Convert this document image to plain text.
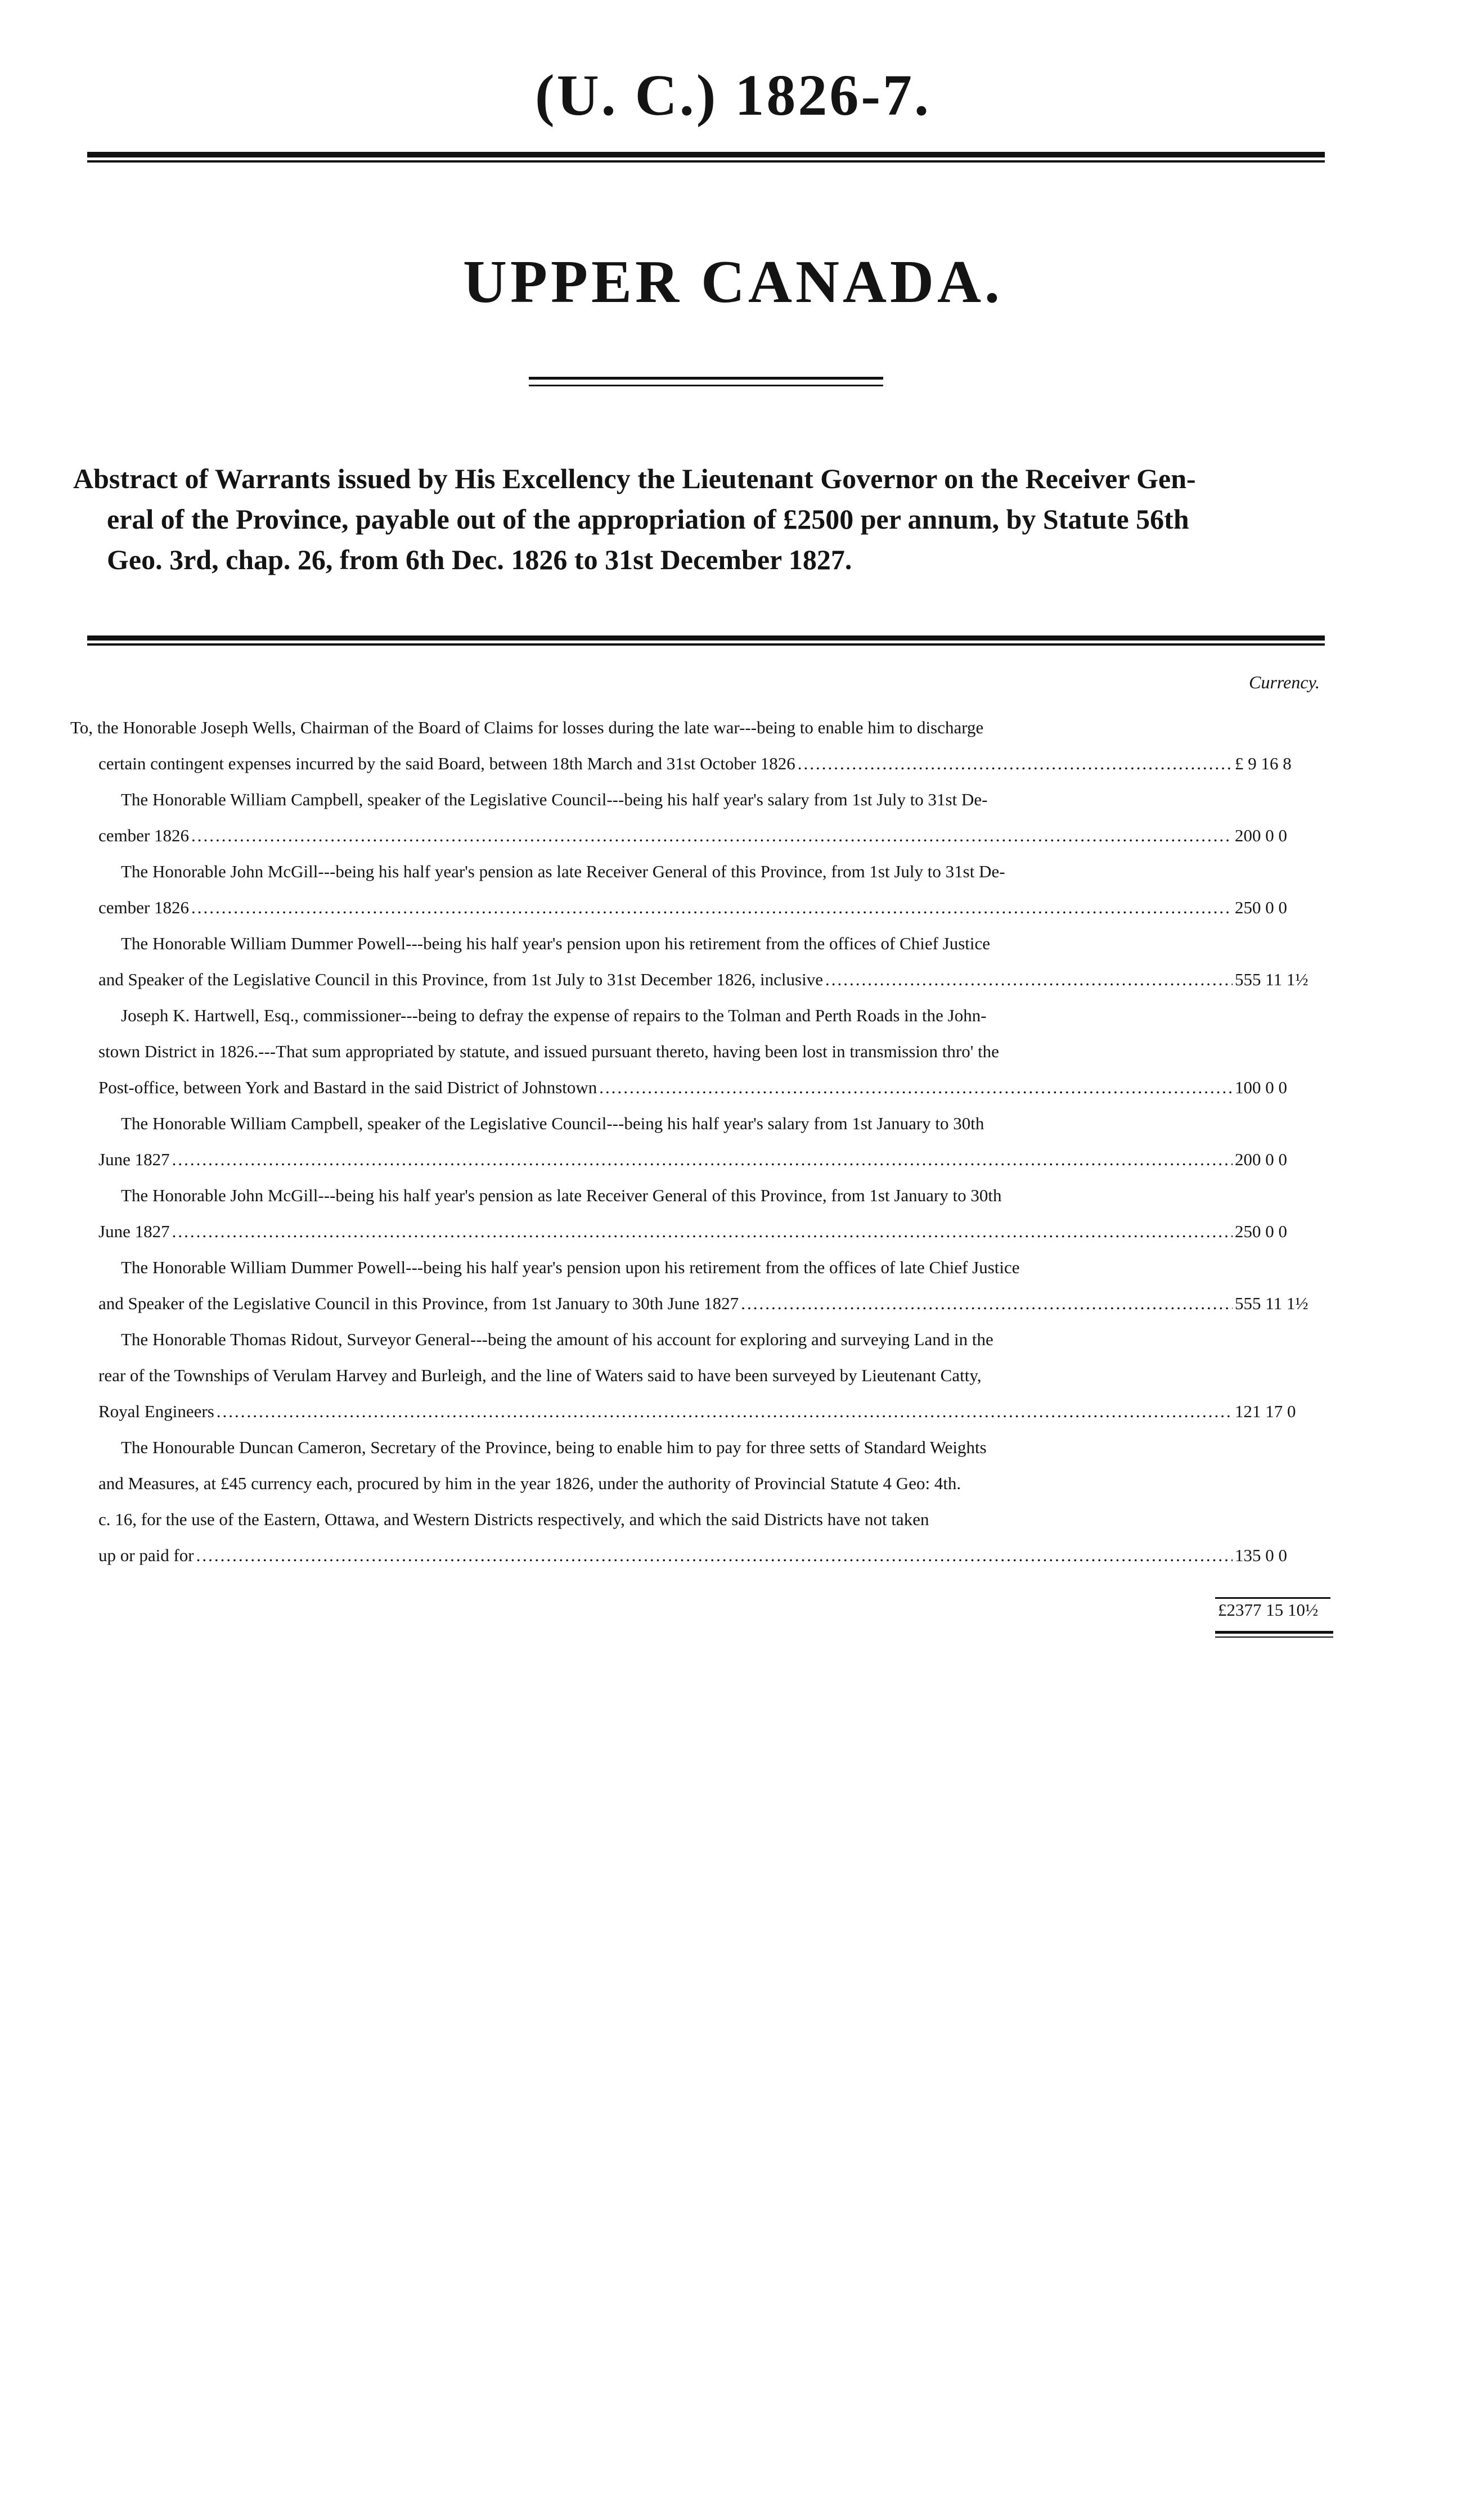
(U. C.) 1826-7.
UPPER CANADA.
Abstract of Warrants issued by His Excellency the Lieutenant Governor on the Receiver Gen-
eral of the Province, payable out of the appropriation of £2500 per annum, by Statute 56th
Geo. 3rd, chap. 26, from 6th Dec. 1826 to 31st December 1827.
Currency.
To, the Honorable Joseph Wells, Chairman of the Board of Claims for losses during the late war---being to enable him to discharge
certain contingent expenses incurred by the said Board, between 18th March and 31st October 1826 .....	£ 9 16 8
The Honorable William Campbell, speaker of the Legislative Council---being his half year's salary from 1st July to 31st De-
cember 1826 .....	200 0 0
The Honorable John McGill---being his half year's pension as late Receiver General of this Province, from 1st July to 31st De-
cember 1826 .....	250 0 0
The Honorable William Dummer Powell---being his half year's pension upon his retirement from the offices of Chief Justice
and Speaker of the Legislative Council in this Province, from 1st July to 31st December 1826, inclusive .....	555 11 1½
Joseph K. Hartwell, Esq., commissioner---being to defray the expense of repairs to the Tolman and Perth Roads in the John-
stown District in 1826.---That sum appropriated by statute, and issued pursuant thereto, having been lost in transmission thro' the
Post-office, between York and Bastard in the said District of Johnstown .....	100 0 0
The Honorable William Campbell, speaker of the Legislative Council---being his half year's salary from 1st January to 30th
June 1827 .....	200 0 0
The Honorable John McGill---being his half year's pension as late Receiver General of this Province, from 1st January to 30th
June 1827 .....	250 0 0
The Honorable William Dummer Powell---being his half year's pension upon his retirement from the offices of late Chief Justice
and Speaker of the Legislative Council in this Province, from 1st January to 30th June 1827 .....	555 11 1½
The Honorable Thomas Ridout, Surveyor General---being the amount of his account for exploring and surveying Land in the
rear of the Townships of Verulam Harvey and Burleigh, and the line of Waters said to have been surveyed by Lieutenant Catty,
Royal Engineers .....	121 17 0
The Honourable Duncan Cameron, Secretary of the Province, being to enable him to pay for three setts of Standard Weights
and Measures, at £45 currency each, procured by him in the year 1826, under the authority of Provincial Statute 4 Geo: 4th.
c. 16, for the use of the Eastern, Ottawa, and Western Districts respectively, and which the said Districts have not taken
up or paid for .....	135 0 0
£2377 15 10½
